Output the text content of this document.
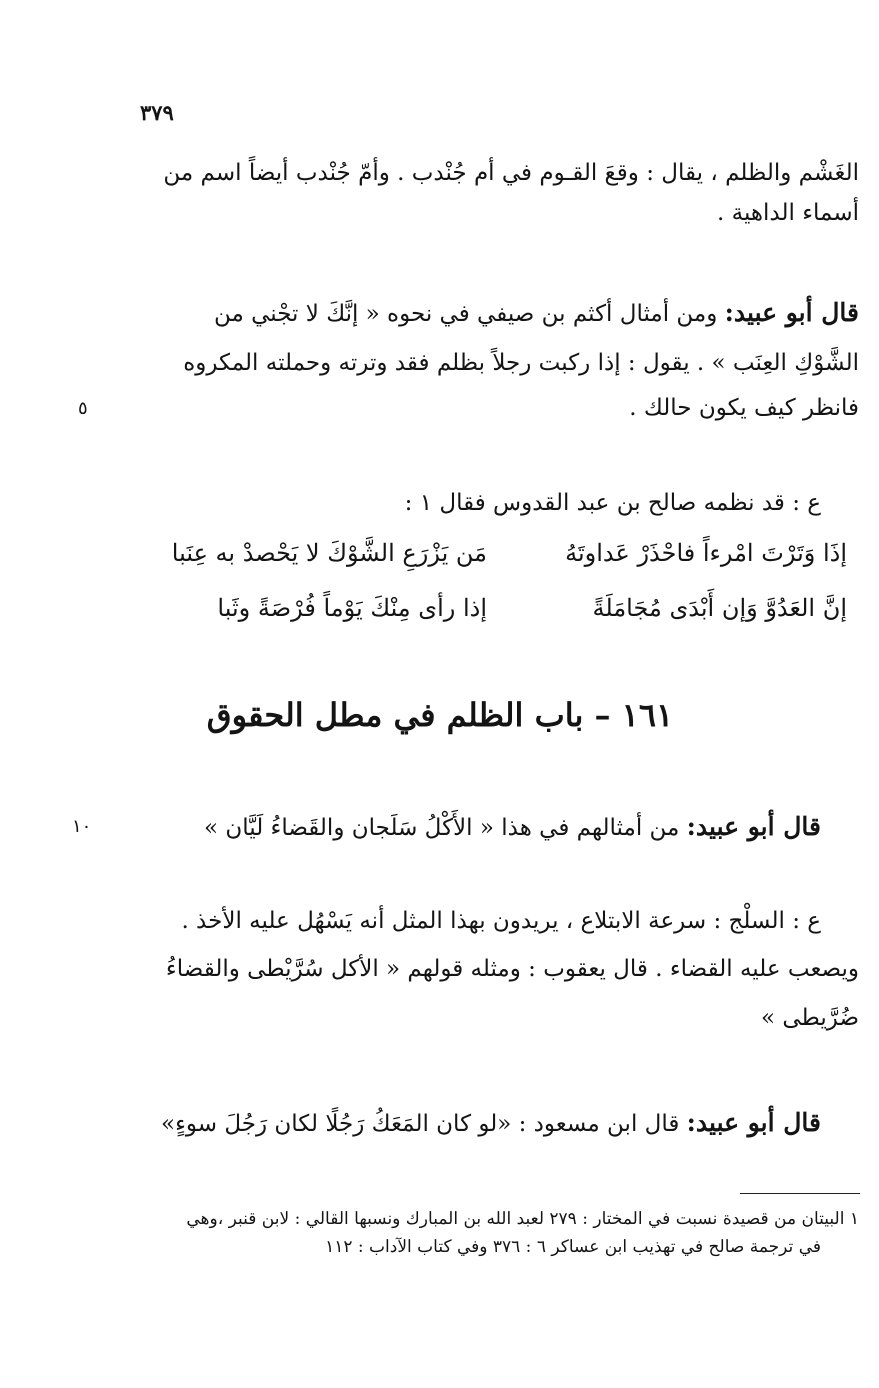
٣٧٩
الغَشْم والظلم ، يقال : وقعَ القـوم في أم جُنْدب . وأمّ جُنْدب أيضاً اسم من
أسماء الداهية .
قال أبو عبيد: ومن أمثال أكثم بن صيفي في نحوه « إنَّكَ لا تجْني من
الشَّوْكِ العِنَب » . يقول : إذا ركبت رجلاً بظلم فقد وترته وحملته المكروه
فانظر كيف يكون حالك .
٥
ع : قد نظمه صالح بن عبد القدوس فقال ١ :
إذَا وَتَرْتَ امْرءاً فاحْذَرْ عَداوتَهُ
مَن يَزْرَعِ الشَّوْكَ لا يَحْصدْ به عِنَبا
إنَّ العَدُوَّ وَإن أَبْدَى مُجَامَلَةً
إذا رأى مِنْكَ يَوْماً فُرْصَةً وثَبا
١٦١ – باب الظلم في مطل الحقوق
قال أبو عبيد: من أمثالهم في هذا « الأَكْلُ سَلَجان والقَضاءُ لَيَّان »
١٠
ع : السلْج : سرعة الابتلاع ، يريدون بهذا المثل أنه يَسْهُل عليه الأخذ .
ويصعب عليه القضاء . قال يعقوب : ومثله قولهم « الأكل سُرَّيْطى والقضاءُ
ضُرَّيطى »
قال أبو عبيد: قال ابن مسعود : «لو كان المَعَكُ رَجُلًا لكان رَجُلَ سوءٍ»
١ البيتان من قصيدة نسبت في المختار : ٢٧٩ لعبد الله بن المبارك ونسبها القالي : لابن قنبر ،وهي
في ترجمة صالح في تهذيب ابن عساكر ٦ : ٣٧٦ وفي كتاب الآداب : ١١٢
